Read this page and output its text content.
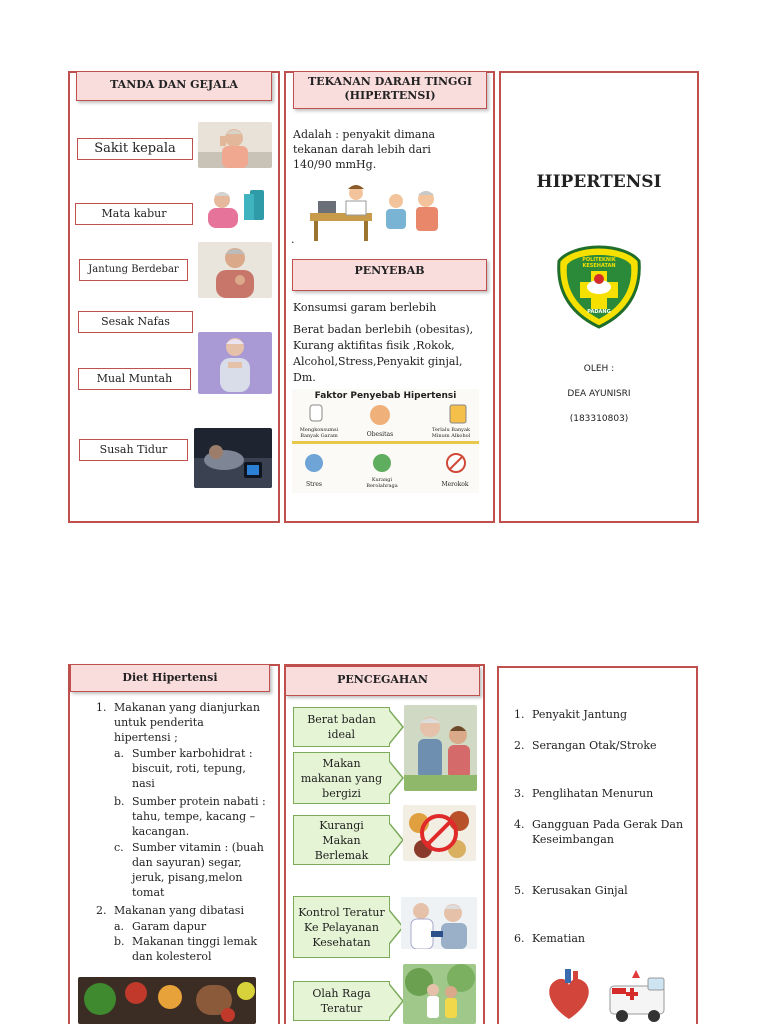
TANDA DAN GEJALA
Sakit kepala
Mata kabur
Jantung Berdebar
Sesak Nafas
Mual Muntah
Susah Tidur
TEKANAN DARAH TINGGI
(HIPERTENSI)
Adalah : penyakit dimana tekanan darah lebih dari 140/90 mmHg.
.
PENYEBAB
Konsumsi garam berlebih
Berat badan berlebih (obesitas), Kurang aktifitas fisik ,Rokok, Alcohol,Stress,Penyakit ginjal, Dm.
Faktor Penyebab Hipertensi
Mengkonsumsi Banyak Garam	Obesitas
Terlalu Banyak Minum Alkohol
Stres
Kurangi Berolahraga	Merokok
HIPERTENSI
POLITEKNIK KESEHATAN
PADANG
OLEH :
DEA AYUNISRI
(183310803)
Diet Hipertensi
1. Makanan yang dianjurkan untuk penderita hipertensi ;
a. Sumber karbohidrat : biscuit, roti, tepung, nasi
b. Sumber protein nabati : tahu, tempe, kacang – kacangan.
c. Sumber vitamin : (buah dan sayuran) segar, jeruk, pisang,melon tomat
2. Makanan yang dibatasi
a. Garam dapur
b. Makanan tinggi lemak dan kolesterol
PENCEGAHAN
Berat badan ideal
Makan makanan yang bergizi
Kurangi Makan Berlemak
Kontrol Teratur Ke Pelayanan Kesehatan
Olah Raga Teratur
1. Penyakit Jantung
2. Serangan Otak/Stroke
3. Penglihatan Menurun
4. Gangguan Pada Gerak Dan Keseimbangan
5. Kerusakan Ginjal
6. Kematian
